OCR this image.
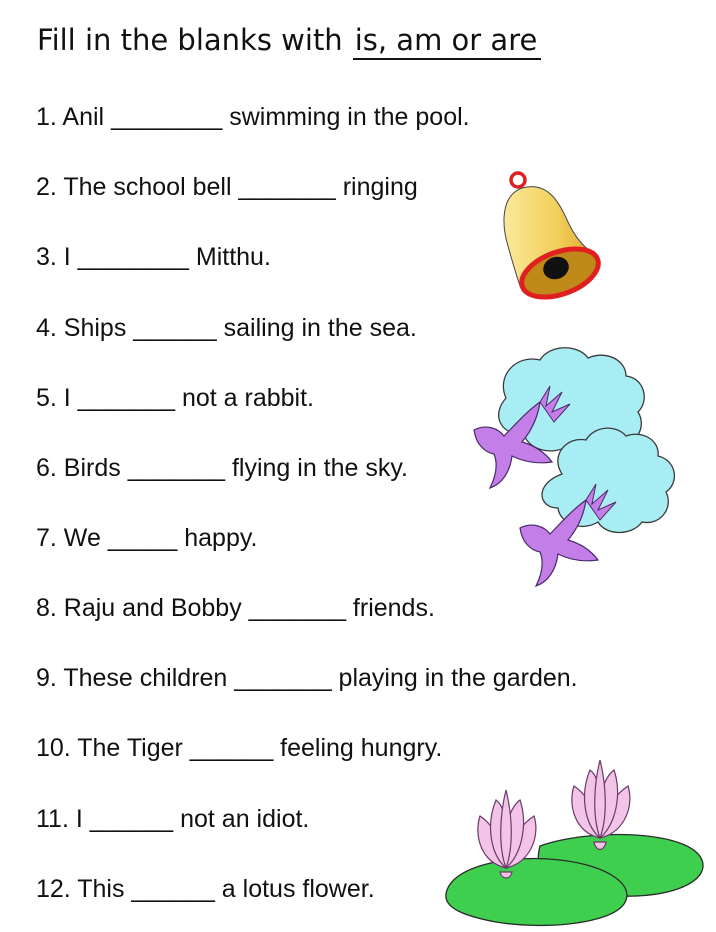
Fill in the blanks with is, am or are
1. Anil ________ swimming in the pool.
2. The school bell _______ ringing
3. I ________ Mitthu.
4. Ships ______ sailing in the sea.
5. I _______ not a rabbit.
6. Birds _______ flying in the sky.
7. We _____ happy.
8. Raju and Bobby _______ friends.
9. These children _______ playing in the garden.
10. The Tiger ______ feeling hungry.
11. I ______ not an idiot.
12. This ______ a lotus flower.
